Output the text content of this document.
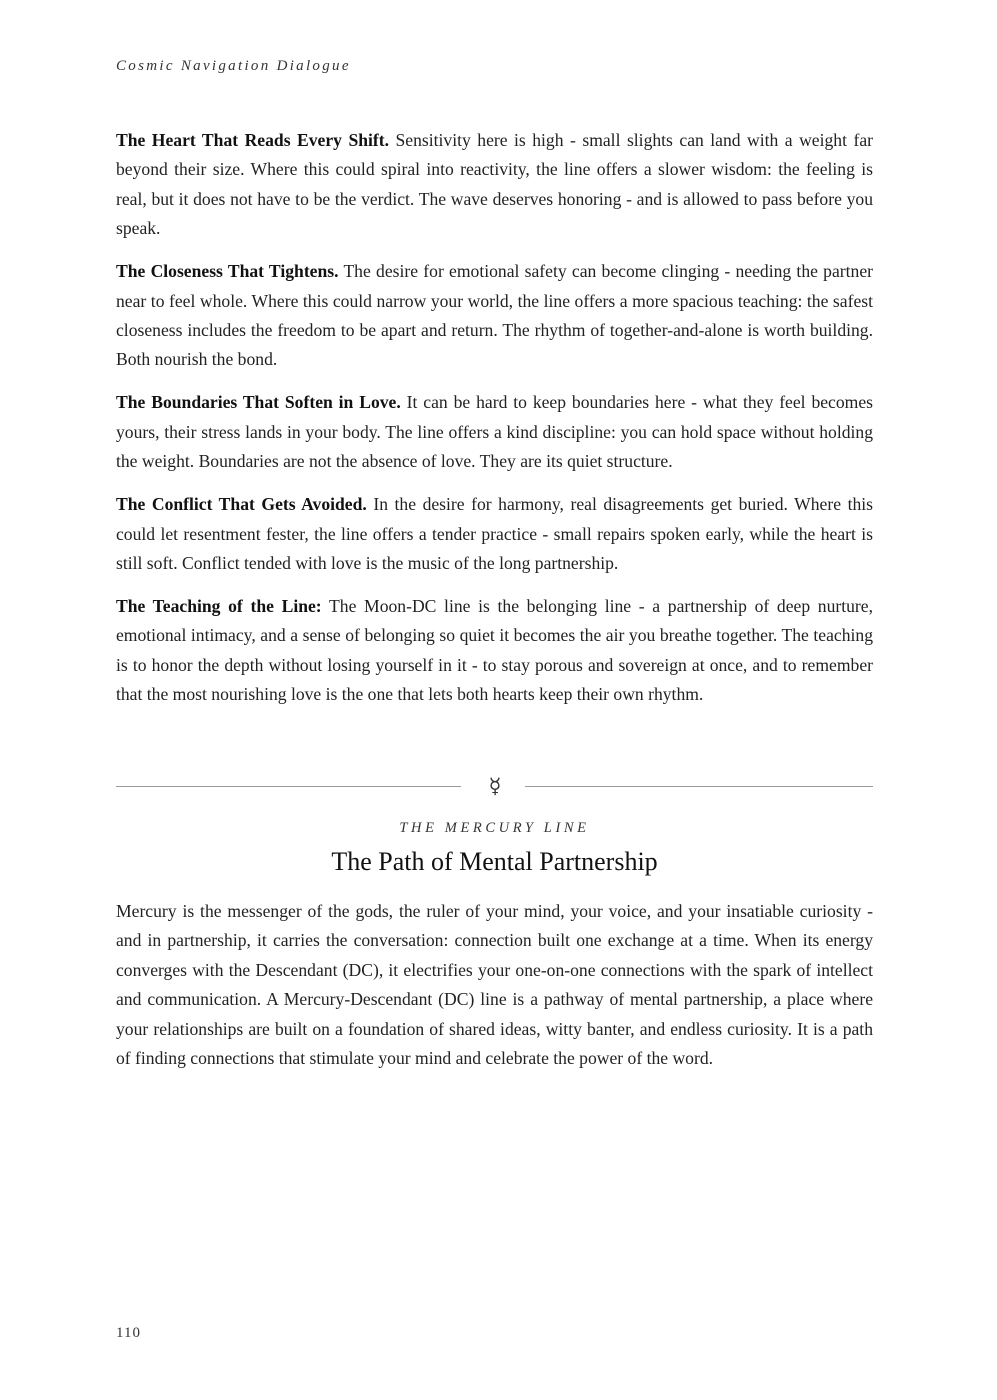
Cosmic Navigation Dialogue

The Heart That Reads Every Shift. Sensitivity here is high - small slights can land with a weight far beyond their size. Where this could spiral into reactivity, the line offers a slower wisdom: the feeling is real, but it does not have to be the verdict. The wave deserves honoring - and is allowed to pass before you speak.

The Closeness That Tightens. The desire for emotional safety can become clinging - needing the partner near to feel whole. Where this could narrow your world, the line offers a more spacious teaching: the safest closeness includes the freedom to be apart and return. The rhythm of together-and-alone is worth building. Both nourish the bond.

The Boundaries That Soften in Love. It can be hard to keep boundaries here - what they feel becomes yours, their stress lands in your body. The line offers a kind discipline: you can hold space without holding the weight. Boundaries are not the absence of love. They are its quiet structure.

The Conflict That Gets Avoided. In the desire for harmony, real disagreements get buried. Where this could let resentment fester, the line offers a tender practice - small repairs spoken early, while the heart is still soft. Conflict tended with love is the music of the long partnership.

The Teaching of the Line: The Moon-DC line is the belonging line - a partnership of deep nurture, emotional intimacy, and a sense of belonging so quiet it becomes the air you breathe together. The teaching is to honor the depth without losing yourself in it - to stay porous and sovereign at once, and to remember that the most nourishing love is the one that lets both hearts keep their own rhythm.

☿
THE MERCURY LINE
The Path of Mental Partnership

Mercury is the messenger of the gods, the ruler of your mind, your voice, and your insatiable curiosity - and in partnership, it carries the conversation: connection built one exchange at a time. When its energy converges with the Descendant (DC), it electrifies your one-on-one connections with the spark of intellect and communication. A Mercury-Descendant (DC) line is a pathway of mental partnership, a place where your relationships are built on a foundation of shared ideas, witty banter, and endless curiosity. It is a path of finding connections that stimulate your mind and celebrate the power of the word.

110
